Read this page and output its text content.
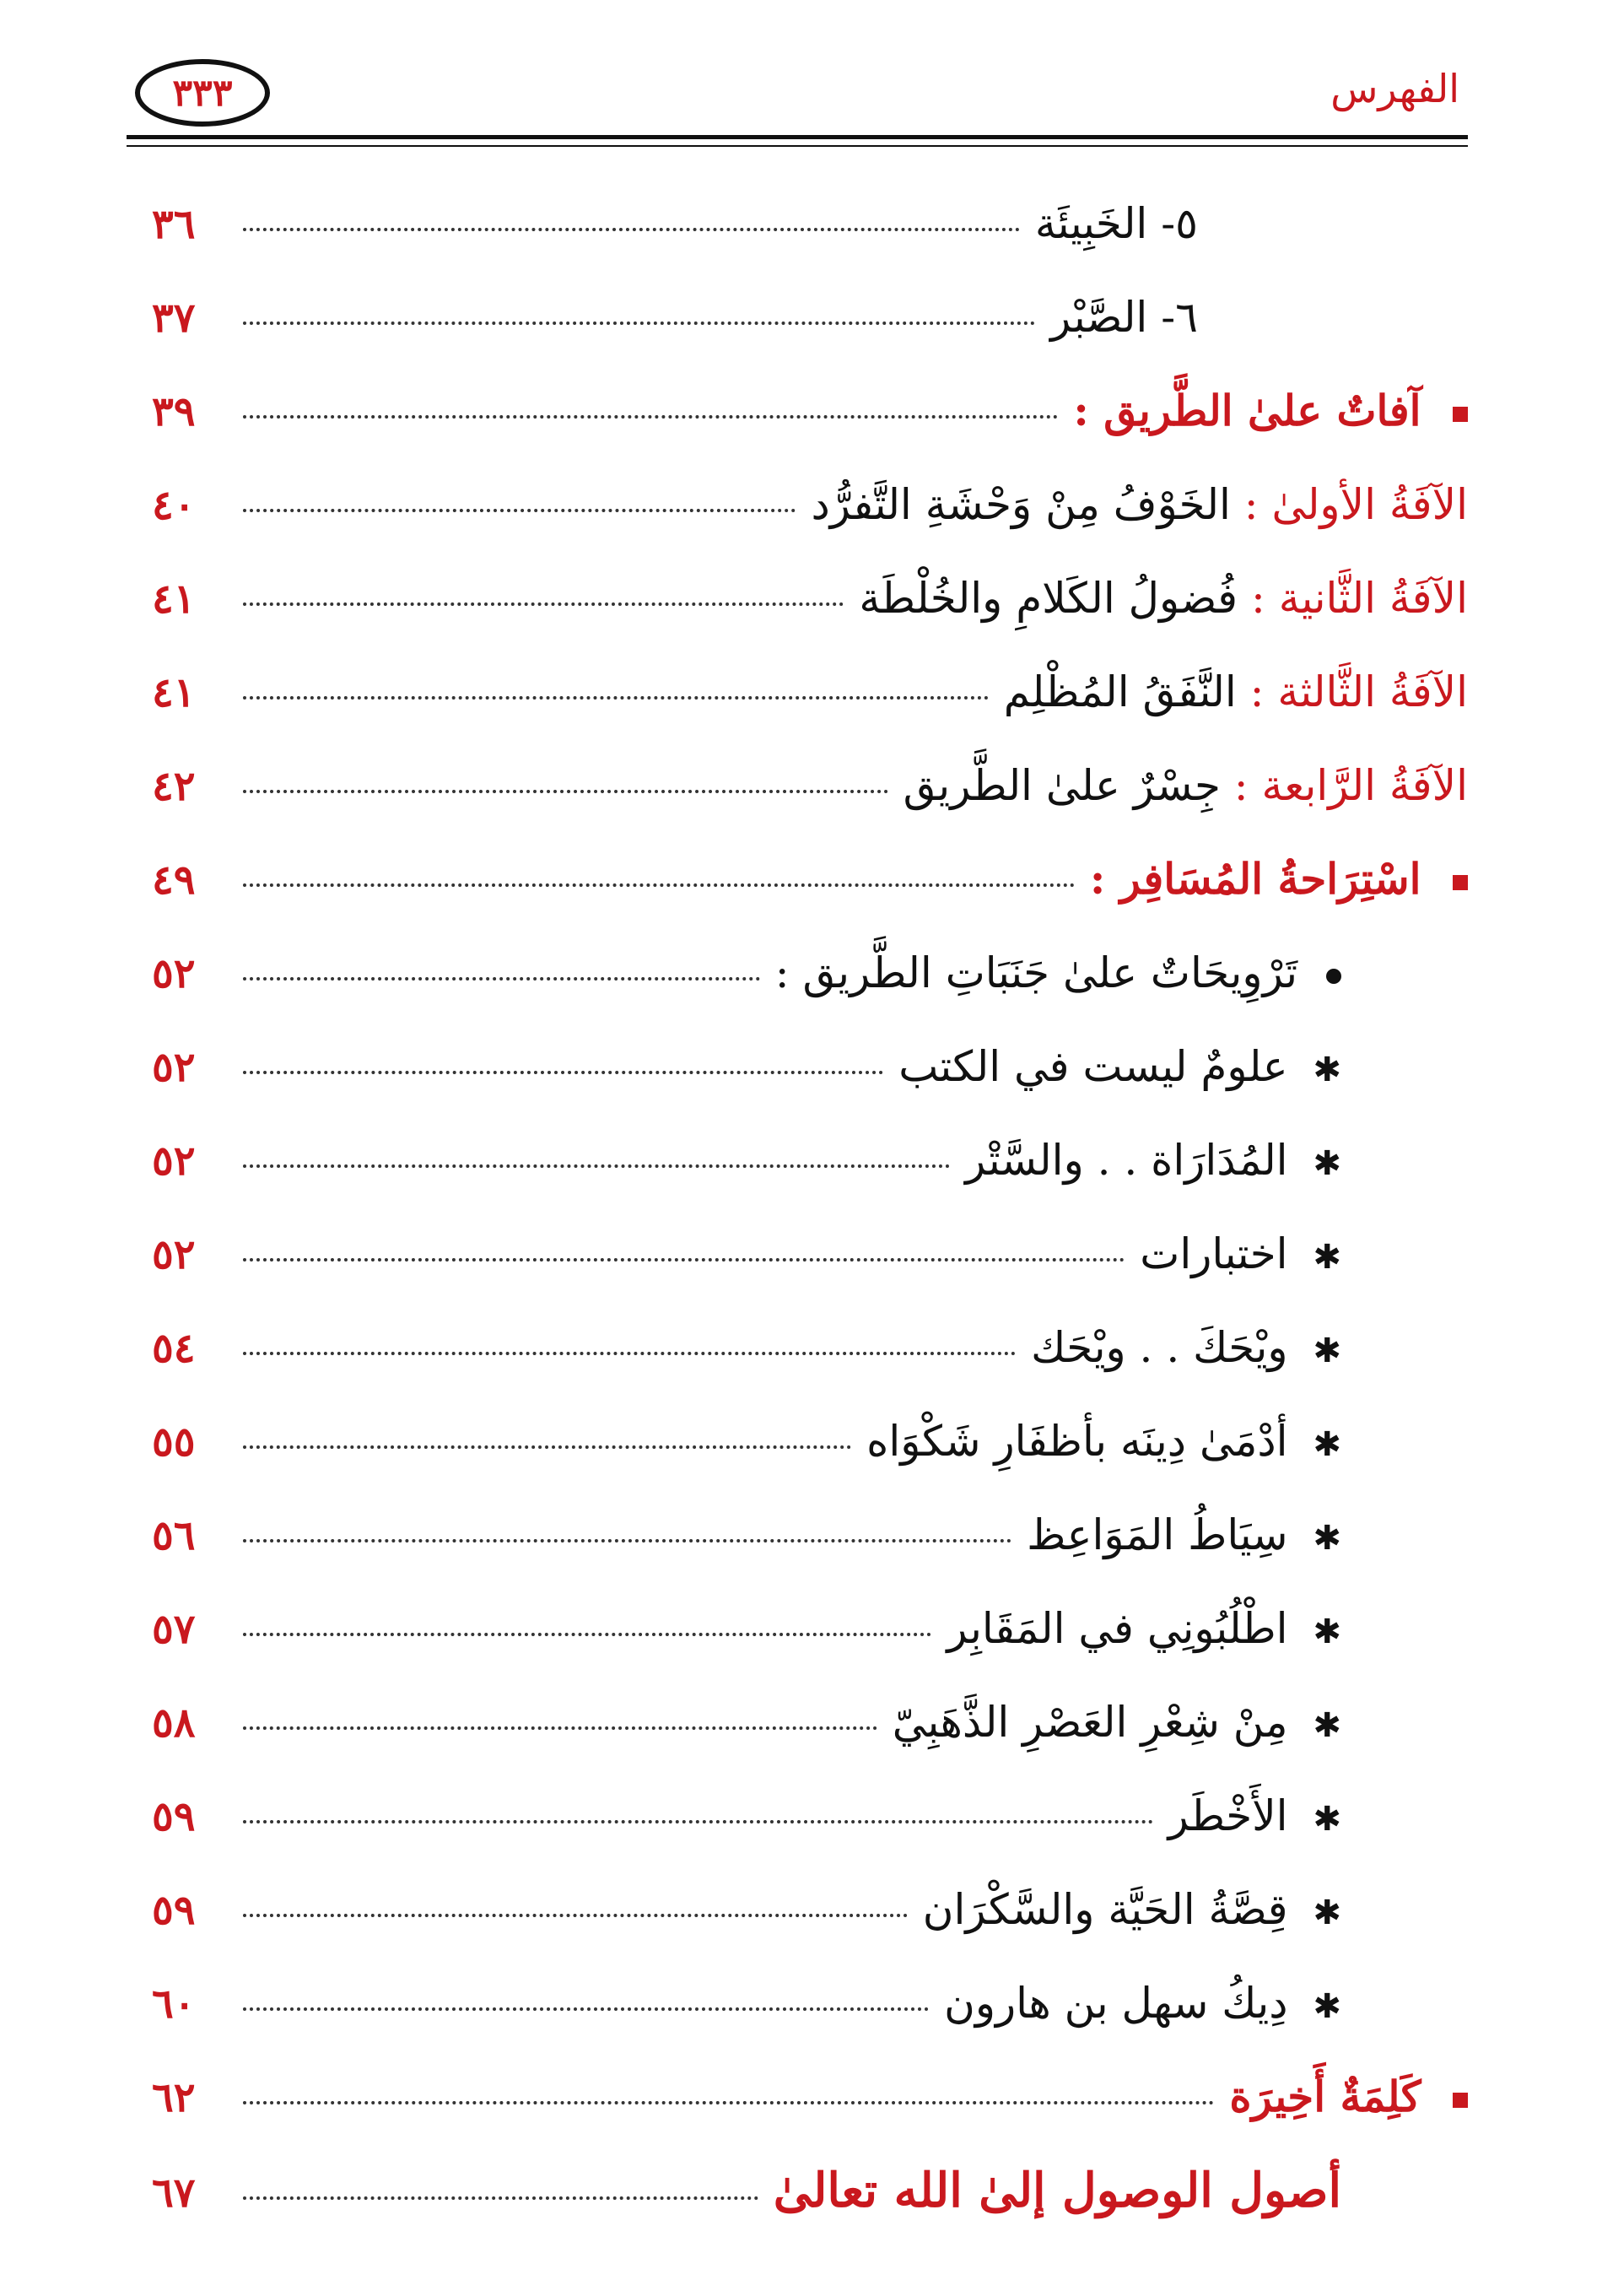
٣٣٣	الفهرس
٥- الخَبِيئَة
٣٦
٦- الصَّبْر
٣٧
آفاتٌ علىٰ الطَّريق :
٣٩
الآفَةُ الأولىٰ : الخَوْفُ مِنْ وَحْشَةِ التَّفرُّد
٤٠
الآفَةُ الثَّانية : فُضولُ الكَلامِ والخُلْطَة
٤١
الآفَةُ الثَّالثة : النَّفَقُ المُظْلِم
٤١
الآفَةُ الرَّابعة : جِسْرٌ علىٰ الطَّريق
٤٢
اسْتِرَاحةُ المُسَافِر :
٤٩
تَرْوِيحَاتٌ علىٰ جَنَبَاتِ الطَّريق :
٥٢
✱ علومٌ ليست في الكتب
٥٢
✱ المُدَارَاة . . والسَّتْر
٥٢
✱ اختبارات
٥٢
✱ ويْحَكَ . . ويْحَك
٥٤
✱ أدْمَىٰ دِينَه بأظفَارِ شَكْوَاه
٥٥
✱ سِيَاطُ المَوَاعِظ
٥٦
✱ اطْلُبُونِي في المَقَابِر
٥٧
✱ مِنْ شِعْرِ العَصْرِ الذَّهَبِيّ
٥٨
✱ الأَخْطَر
٥٩
✱ قِصَّةُ الحَيَّة والسَّكْرَان
٥٩
✱ دِيكُ سهل بن هارون
٦٠
كَلِمَةٌ أَخِيرَة
٦٢
أصول الوصول إلىٰ الله تعالىٰ
٦٧
